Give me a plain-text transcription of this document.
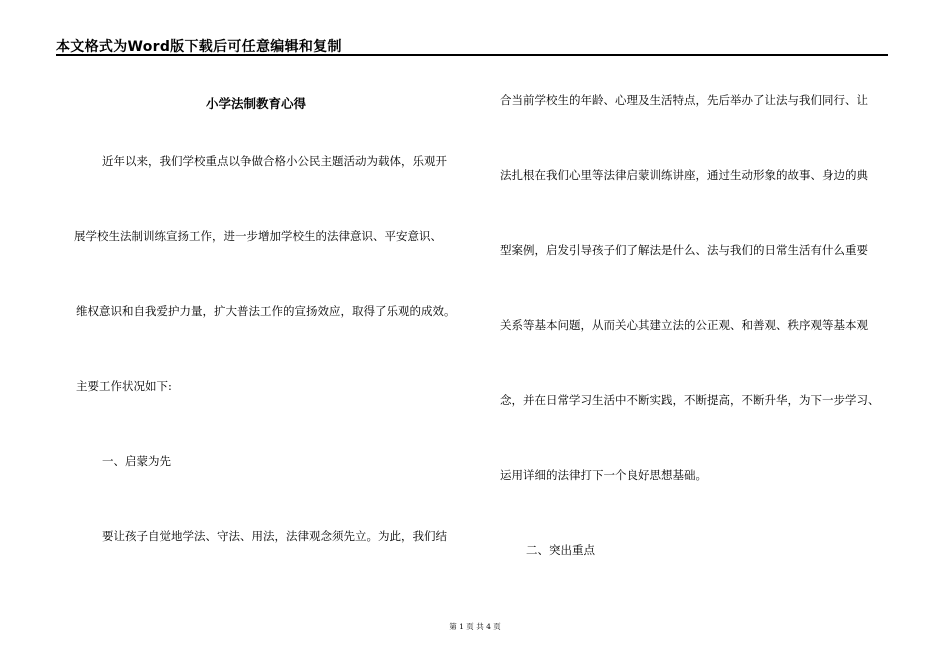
本文格式为Word版下载后可任意编辑和复制
小学法制教育心得
近年以来，我们学校重点以争做合格小公民主题活动为载体，乐观开
展学校生法制训练宣扬工作，进一步增加学校生的法律意识、平安意识、
维权意识和自我爱护力量，扩大普法工作的宣扬效应，取得了乐观的成效。
主要工作状况如下:
一、启蒙为先
要让孩子自觉地学法、守法、用法，法律观念须先立。为此，我们结
合当前学校生的年龄、心理及生活特点，先后举办了让法与我们同行、让
法扎根在我们心里等法律启蒙训练讲座，通过生动形象的故事、身边的典
型案例，启发引导孩子们了解法是什么、法与我们的日常生活有什么重要
关系等基本问题，从而关心其建立法的公正观、和善观、秩序观等基本观
念，并在日常学习生活中不断实践，不断提高，不断升华，为下一步学习、
运用详细的法律打下一个良好思想基础。
二、突出重点
第 1 页 共 4 页
